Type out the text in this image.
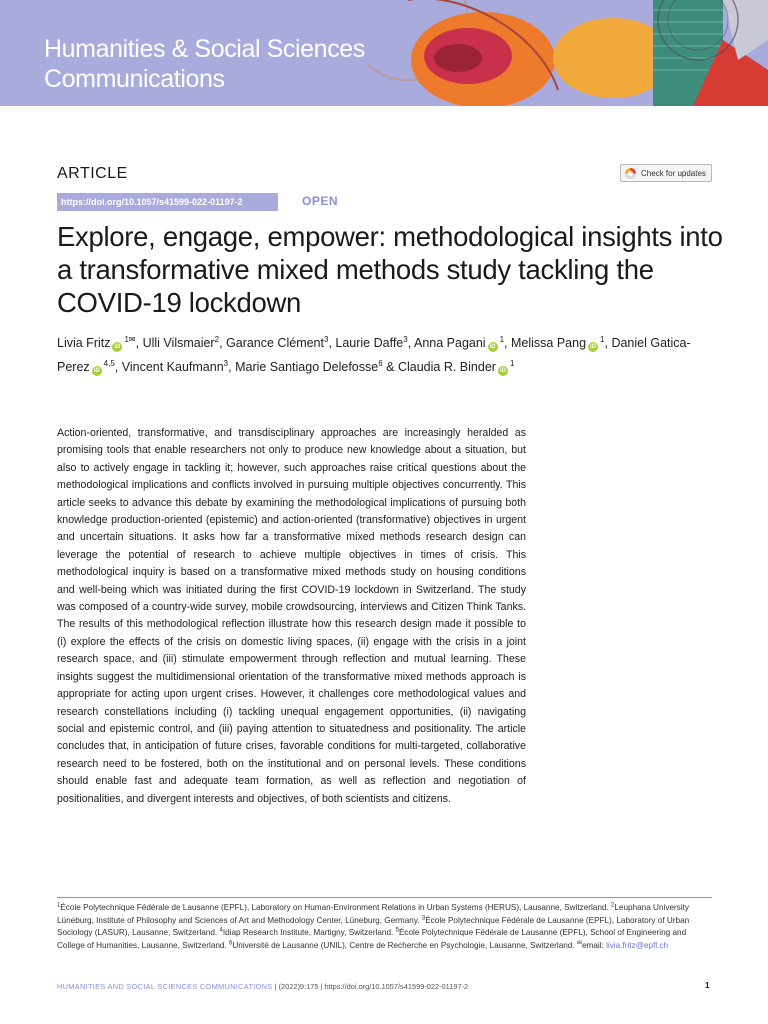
Humanities & Social Sciences
Communications
ARTICLE	Check for updates
https://doi.org/10.1057/s41599-022-01197-2	OPEN
Explore, engage, empower: methodological insights into a transformative mixed methods study tackling the COVID-19 lockdown
Livia Fritz $iD^{1✉}$, Ulli Vilsmaier$^2$, Garance Clément$^3$, Laurie Daffe$^3$, Anna Pagani $iD^1$, Melissa Pang $iD^1$, Daniel Gatica-Perez iD$^{4,5}$, Vincent Kaufmann$^3$, Marie Santiago Delefosse$^6$ & Claudia R. Binder $iD^1$

Action-oriented, transformative, and transdisciplinary approaches are increasingly heralded as promising tools that enable researchers not only to produce new knowledge about a situation, but also to actively engage in tackling it; however, such approaches raise critical questions about the methodological implications and conflicts involved in pursuing multiple objectives concurrently. This article seeks to advance this debate by examining the methodological implications of pursuing both knowledge production-oriented (epistemic) and action-oriented (transformative) objectives in urgent and uncertain situations. It asks how far a transformative mixed methods research design can leverage the potential of research to achieve multiple objectives in times of crisis. This methodological inquiry is based on a transformative mixed methods study on housing conditions and well-being which was initiated during the first COVID-19 lockdown in Switzerland. The study was composed of a country-wide survey, mobile crowdsourcing, interviews and Citizen Think Tanks. The results of this methodological reflection illustrate how this research design made it possible to (i) explore the effects of the crisis on domestic living spaces, (ii) engage with the crisis in a joint research space, and (iii) stimulate empowerment through reflection and mutual learning. These insights suggest the multidimensional orientation of the transformative mixed methods approach is appropriate for acting upon urgent crises. However, it challenges core methodological values and research constellations including (i) tackling unequal engagement opportunities, (ii) navigating social and epistemic control, and (iii) paying attention to situatedness and positionality. The article concludes that, in anticipation of future crises, favorable conditions for multi-targeted, collaborative research need to be fostered, both on the institutional and on personal levels. These conditions should enable fast and adequate team formation, as well as reflection and negotiation of positionalities, and divergent interests and objectives, of both scientists and citizens.

$^1$École Polytechnique Fédérale de Lausanne (EPFL), Laboratory on Human-Environment Relations in Urban Systems (HERUS), Lausanne, Switzerland. $^2$Leuphana University Lüneburg, Institute of Philosophy and Sciences of Art and Methodology Center, Lüneburg, Germany. $^3$École Polytechnique Fédérale de Lausanne (EPFL), Laboratory of Urban Sociology (LASUR), Lausanne, Switzerland. $^4$Idiap Research Institute, Martigny, Switzerland. $^5$École Polytechnique Fédérale de Lausanne (EPFL), School of Engineering and College of Humanities, Lausanne, Switzerland. $^6$Université de Lausanne (UNIL), Centre de Recherche en Psychologie, Lausanne, Switzerland. ✉email: livia.fritz@epfl.ch

HUMANITIES AND SOCIAL SCIENCES COMMUNICATIONS | (2022)9:175 | https://doi.org/10.1057/s41599-022-01197-2	1
